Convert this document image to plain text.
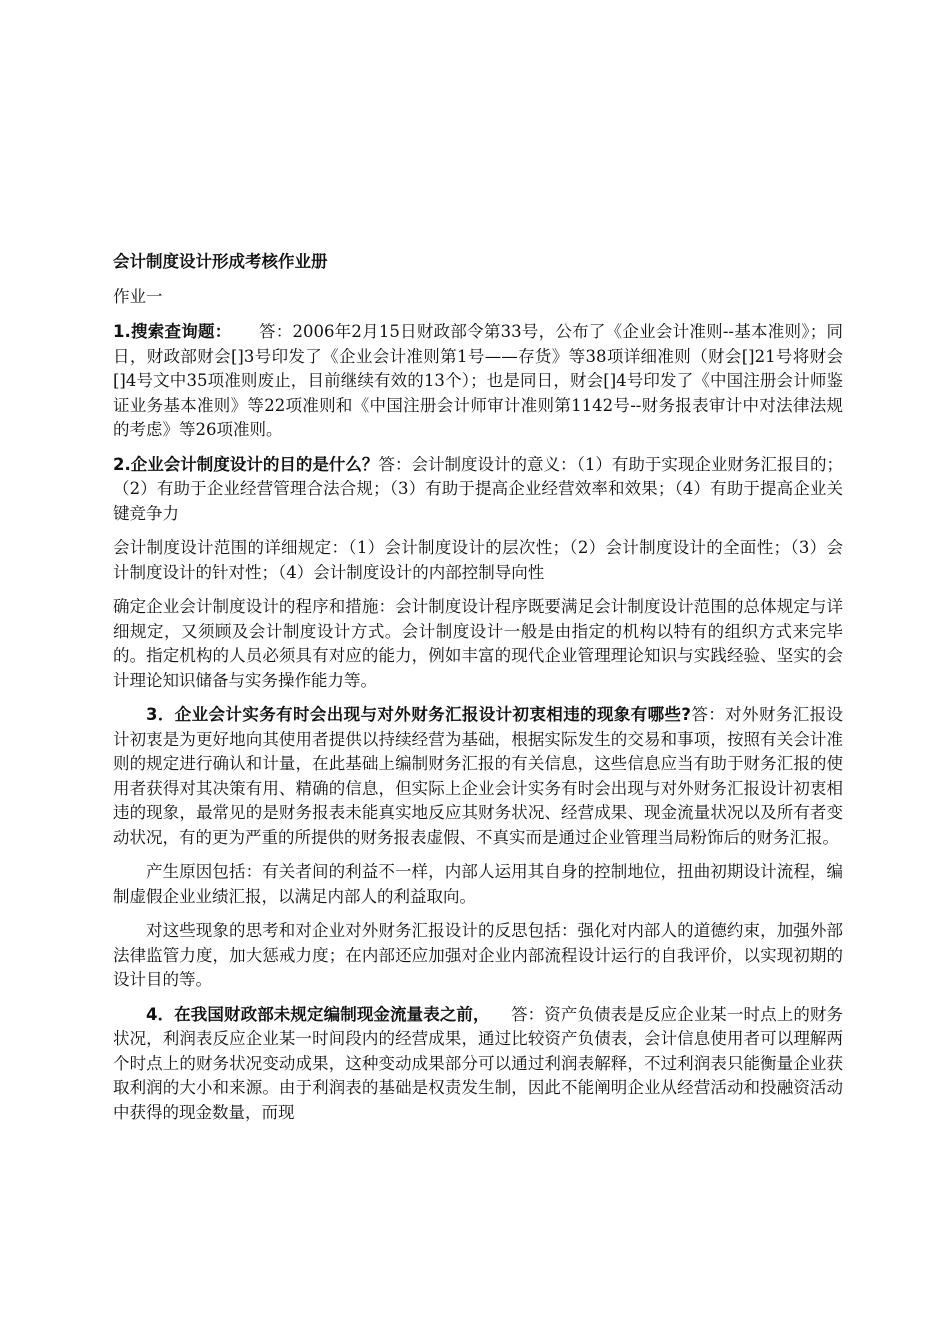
会计制度设计形成考核作业册
作业一

1.搜索查询题： 答：2006年2月15日财政部令第33号，公布了《企业会计准则--基本准则》；同日，财政部财会[]3号印发了《企业会计准则第1号——存货》等38项详细准则（财会[]21号将财会[]4号文中35项准则废止，目前继续有效的13个）；也是同日，财会[]4号印发了《中国注册会计师鉴证业务基本准则》等22项准则和《中国注册会计师审计准则第1142号--财务报表审计中对法律法规的考虑》等26项准则。

2.企业会计制度设计的目的是什么？答：会计制度设计的意义：（1）有助于实现企业财务汇报目的；（2）有助于企业经营管理合法合规；（3）有助于提高企业经营效率和效果；（4）有助于提高企业关键竞争力

会计制度设计范围的详细规定：（1）会计制度设计的层次性；（2）会计制度设计的全面性；（3）会计制度设计的针对性；（4）会计制度设计的内部控制导向性

确定企业会计制度设计的程序和措施：会计制度设计程序既要满足会计制度设计范围的总体规定与详细规定，又须顾及会计制度设计方式。会计制度设计一般是由指定的机构以特有的组织方式来完毕的。指定机构的人员必须具有对应的能力，例如丰富的现代企业管理理论知识与实践经验、坚实的会计理论知识储备与实务操作能力等。

3．企业会计实务有时会出现与对外财务汇报设计初衷相违的现象有哪些?答：对外财务汇报设计初衷是为更好地向其使用者提供以持续经营为基础，根据实际发生的交易和事项，按照有关会计准则的规定进行确认和计量，在此基础上编制财务汇报的有关信息，这些信息应当有助于财务汇报的使用者获得对其决策有用、精确的信息，但实际上企业会计实务有时会出现与对外财务汇报设计初衷相违的现象，最常见的是财务报表未能真实地反应其财务状况、经营成果、现金流量状况以及所有者变动状况，有的更为严重的所提供的财务报表虚假、不真实而是通过企业管理当局粉饰后的财务汇报。

产生原因包括：有关者间的利益不一样，内部人运用其自身的控制地位，扭曲初期设计流程，编制虚假企业业绩汇报，以满足内部人的利益取向。

对这些现象的思考和对企业对外财务汇报设计的反思包括：强化对内部人的道德约束，加强外部法律监管力度，加大惩戒力度；在内部还应加强对企业内部流程设计运行的自我评价，以实现初期的设计目的等。

4．在我国财政部未规定编制现金流量表之前， 答：资产负债表是反应企业某一时点上的财务状况，利润表反应企业某一时间段内的经营成果，通过比较资产负债表，会计信息使用者可以理解两个时点上的财务状况变动成果，这种变动成果部分可以通过利润表解释，不过利润表只能衡量企业获取利润的大小和来源。由于利润表的基础是权责发生制，因此不能阐明企业从经营活动和投融资活动中获得的现金数量，而现
